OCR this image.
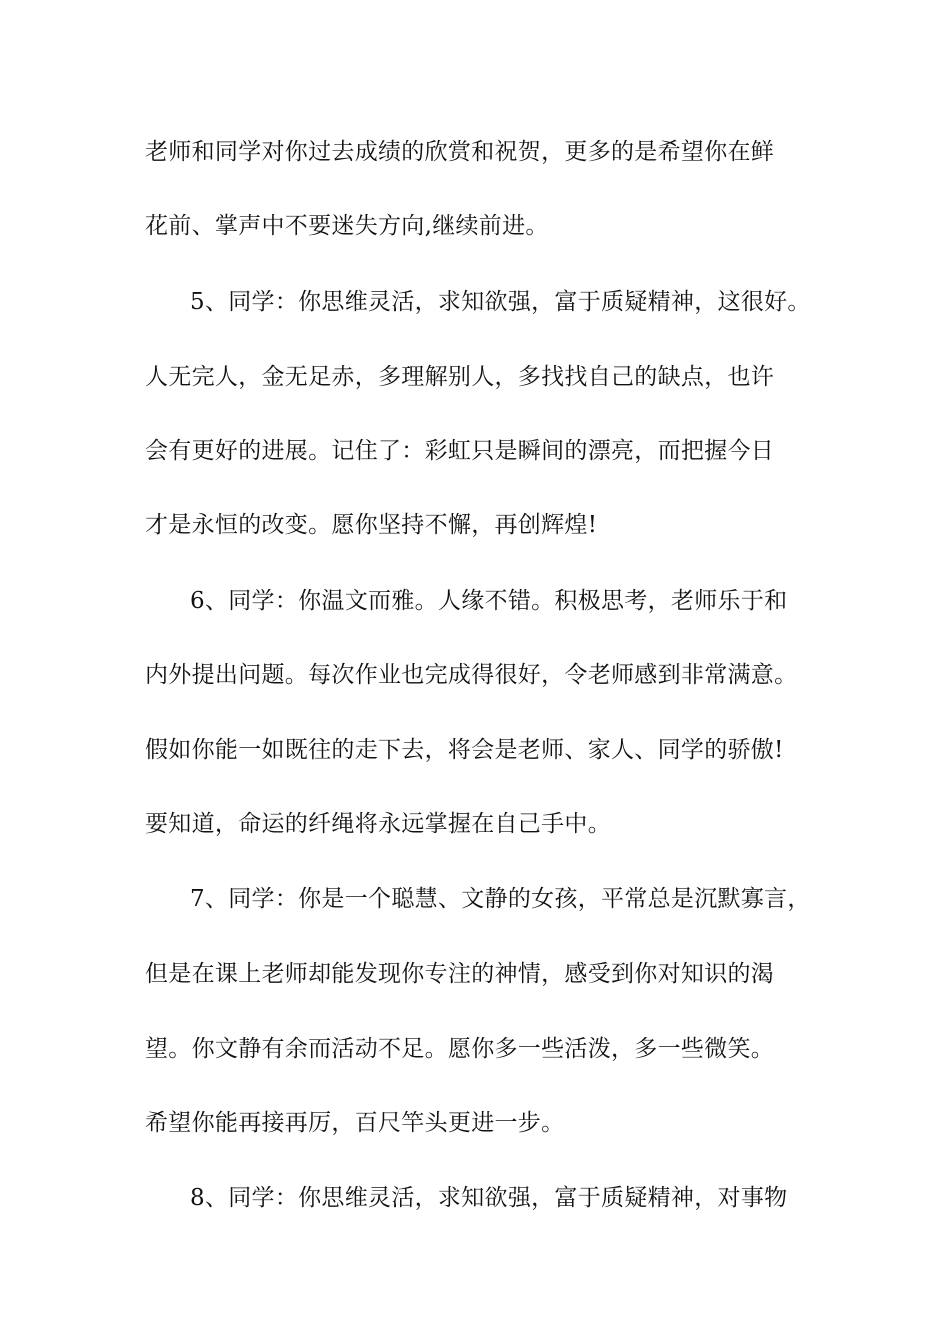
老师和同学对你过去成绩的欣赏和祝贺，更多的是希望你在鲜
花前、掌声中不要迷失方向,继续前进。
5、同学：你思维灵活，求知欲强，富于质疑精神，这很好。
人无完人，金无足赤，多理解别人，多找找自己的缺点，也许
会有更好的进展。记住了：彩虹只是瞬间的漂亮，而把握今日
才是永恒的改变。愿你坚持不懈，再创辉煌!
6、同学：你温文而雅。人缘不错。积极思考，老师乐于和
内外提出问题。每次作业也完成得很好，令老师感到非常满意。
假如你能一如既往的走下去，将会是老师、家人、同学的骄傲!
要知道，命运的纤绳将永远掌握在自己手中。
7、同学：你是一个聪慧、文静的女孩，平常总是沉默寡言，
但是在课上老师却能发现你专注的神情，感受到你对知识的渴
望。你文静有余而活动不足。愿你多一些活泼，多一些微笑。
希望你能再接再厉，百尺竿头更进一步。
8、同学：你思维灵活，求知欲强，富于质疑精神，对事物
